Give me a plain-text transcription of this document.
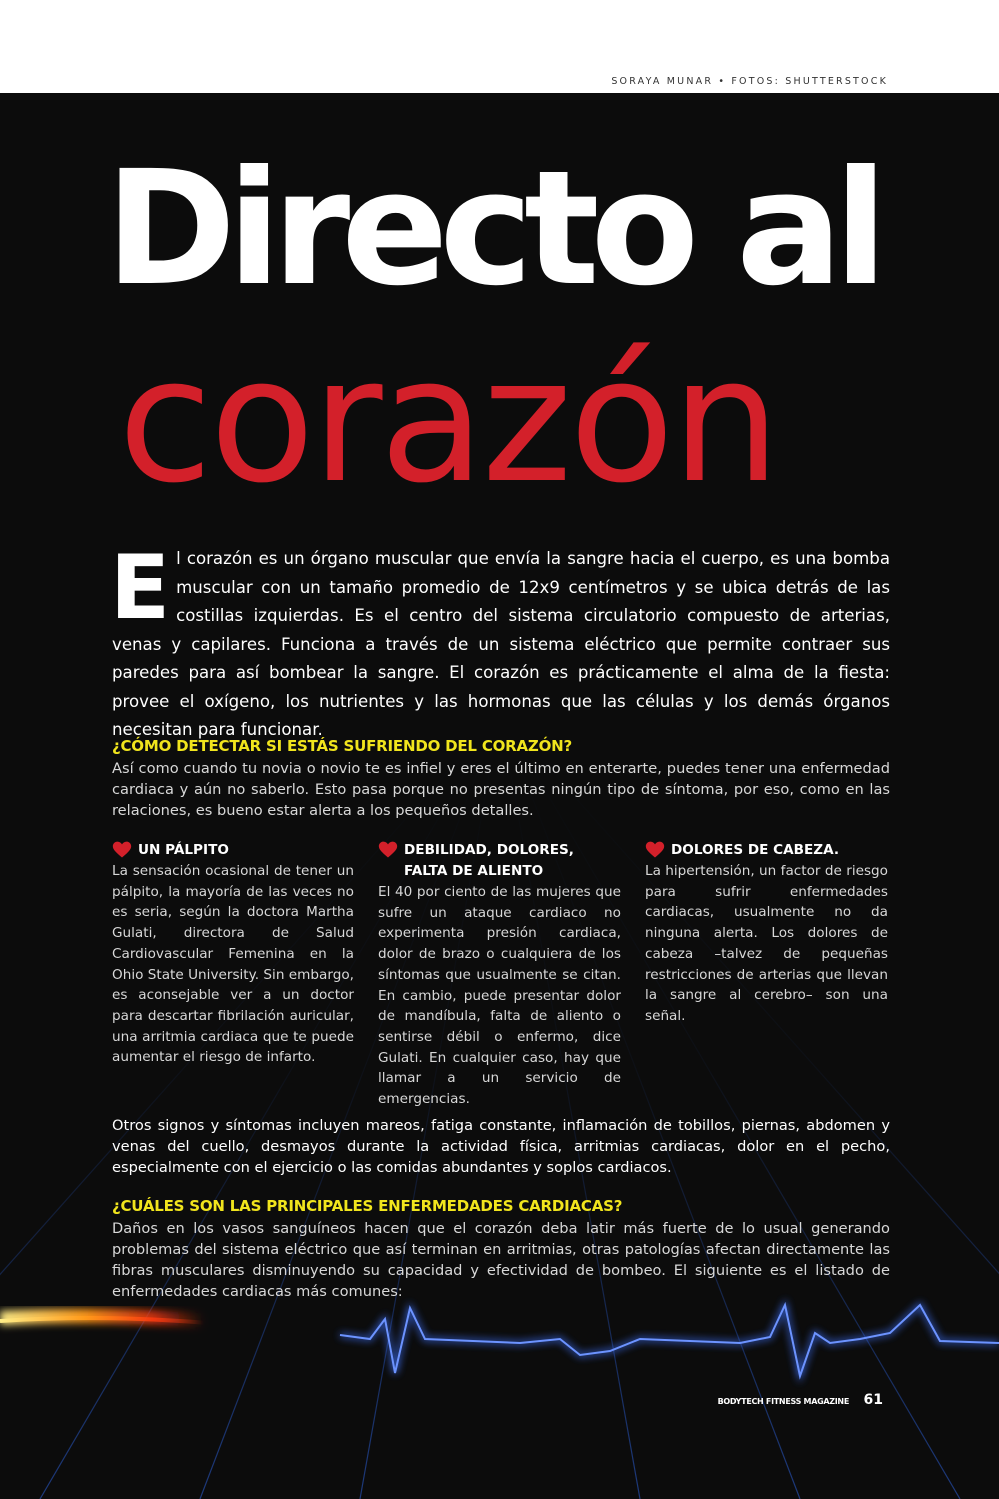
SORAYA MUNAR • FOTOS: SHUTTERSTOCK
Directo al
corazón
E l corazón es un órgano muscular que envía la sangre hacia el cuerpo, es una bomba muscular con un tamaño promedio de 12x9 centímetros y se ubica detrás de las costillas izquierdas. Es el centro del sistema circulatorio compuesto de arterias, venas y capilares. Funciona a través de un sistema eléctrico que permite contraer sus paredes para así bombear la sangre. El corazón es prácticamente el alma de la fiesta: provee el oxígeno, los nutrientes y las hormonas que las células y los demás órganos necesitan para funcionar.
¿CÓMO DETECTAR SI ESTÁS SUFRIENDO DEL CORAZÓN?
Así como cuando tu novia o novio te es infiel y eres el último en enterarte, puedes tener una enfermedad cardiaca y aún no saberlo. Esto pasa porque no presentas ningún tipo de síntoma, por eso, como en las relaciones, es bueno estar alerta a los pequeños detalles.
UN PÁLPITO
La sensación ocasional de tener un pálpito, la mayoría de las veces no es seria, según la doctora Martha Gulati, directora de Salud Cardiovascular Femenina en la Ohio State University. Sin embargo, es aconsejable ver a un doctor para descartar fibrilación auricular, una arritmia cardiaca que te puede aumentar el riesgo de infarto.
DEBILIDAD, DOLORES, FALTA DE ALIENTO
El 40 por ciento de las mujeres que sufre un ataque cardiaco no experimenta presión cardiaca, dolor de brazo o cualquiera de los síntomas que usualmente se citan. En cambio, puede presentar dolor de mandíbula, falta de aliento o sentirse débil o enfermo, dice Gulati. En cualquier caso, hay que llamar a un servicio de emergencias.
DOLORES DE CABEZA.
La hipertensión, un factor de riesgo para sufrir enfermedades cardiacas, usualmente no da ninguna alerta. Los dolores de cabeza –talvez de pequeñas restricciones de arterias que llevan la sangre al cerebro– son una señal.
Otros signos y síntomas incluyen mareos, fatiga constante, inflamación de tobillos, piernas, abdomen y venas del cuello, desmayos durante la actividad física, arritmias cardiacas, dolor en el pecho, especialmente con el ejercicio o las comidas abundantes y soplos cardiacos.
¿CUÁLES SON LAS PRINCIPALES ENFERMEDADES CARDIACAS?
Daños en los vasos sanguíneos hacen que el corazón deba latir más fuerte de lo usual generando problemas del sistema eléctrico que así terminan en arritmias, otras patologías afectan directamente las fibras musculares disminuyendo su capacidad y efectividad de bombeo. El siguiente es el listado de enfermedades cardiacas más comunes:
BODYTECH FITNESS MAGAZINE 61
